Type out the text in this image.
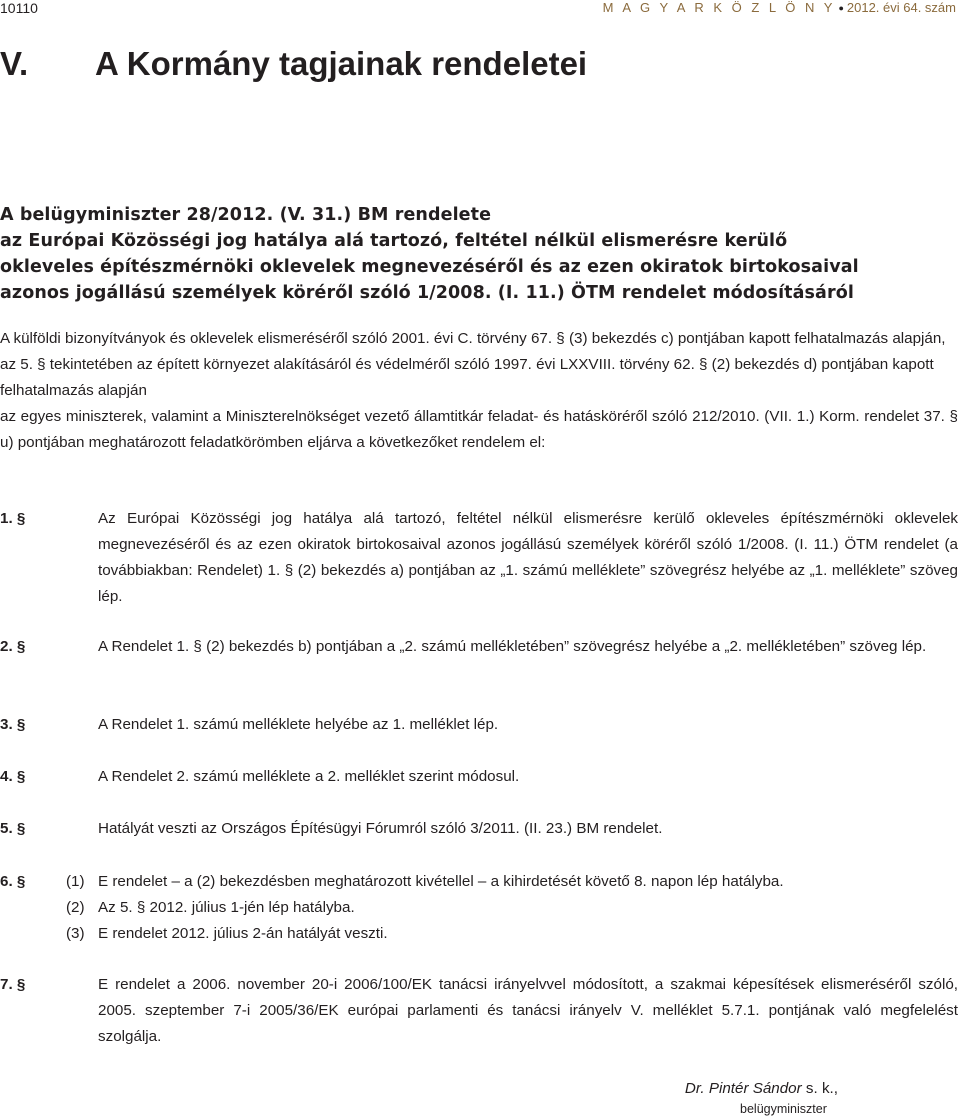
10110	M A G Y A R K Ö Z L Ö N Y ● 2012. évi 64. szám
V. A Kormány tagjainak rendeletei
A belügyminiszter 28/2012. (V. 31.) BM rendelete
az Európai Közösségi jog hatálya alá tartozó, feltétel nélkül elismerésre kerülő
okleveles építészmérnöki oklevelek megnevezéséről és az ezen okiratok birtokosaival
azonos jogállású személyek köréről szóló 1/2008. (I. 11.) ÖTM rendelet módosításáról

A külföldi bizonyítványok és oklevelek elismeréséről szóló 2001. évi C. törvény 67. § (3) bekezdés c) pontjában kapott felhatalmazás alapján,

az 5. § tekintetében az épített környezet alakításáról és védelméről szóló 1997. évi LXXVIII. törvény 62. § (2) bekezdés d) pontjában kapott felhatalmazás alapján

az egyes miniszterek, valamint a Miniszterelnökséget vezető államtitkár feladat- és hatásköréről szóló 212/2010. (VII. 1.) Korm. rendelet 37. § u) pontjában meghatározott feladatkörömben eljárva a következőket rendelem el:

1. §	Az Európai Közösségi jog hatálya alá tartozó, feltétel nélkül elismerésre kerülő okleveles építészmérnöki oklevelek megnevezéséről és az ezen okiratok birtokosaival azonos jogállású személyek köréről szóló 1/2008. (I. 11.) ÖTM rendelet (a továbbiakban: Rendelet) 1. § (2) bekezdés a) pontjában az „1. számú melléklete” szövegrész helyébe az „1. melléklete” szöveg lép.
2. §	A Rendelet 1. § (2) bekezdés b) pontjában a „2. számú mellékletében” szövegrész helyébe a „2. mellékletében” szöveg lép.
3. §	A Rendelet 1. számú melléklete helyébe az 1. melléklet lép.
4. §	A Rendelet 2. számú melléklete a 2. melléklet szerint módosul.
5. §	Hatályát veszti az Országos Építésügyi Fórumról szóló 3/2011. (II. 23.) BM rendelet.
6. §	(1) E rendelet – a (2) bekezdésben meghatározott kivétellel – a kihirdetését követő 8. napon lép hatályba.
(2) Az 5. § 2012. július 1-jén lép hatályba.
(3) E rendelet 2012. július 2-án hatályát veszti.
7. §	E rendelet a 2006. november 20-i 2006/100/EK tanácsi irányelvvel módosított, a szakmai képesítések elismeréséről szóló, 2005. szeptember 7-i 2005/36/EK európai parlamenti és tanácsi irányelv V. melléklet 5.7.1. pontjának való megfelelést szolgálja.
Dr. Pintér Sándor s. k.,
belügyminiszter
